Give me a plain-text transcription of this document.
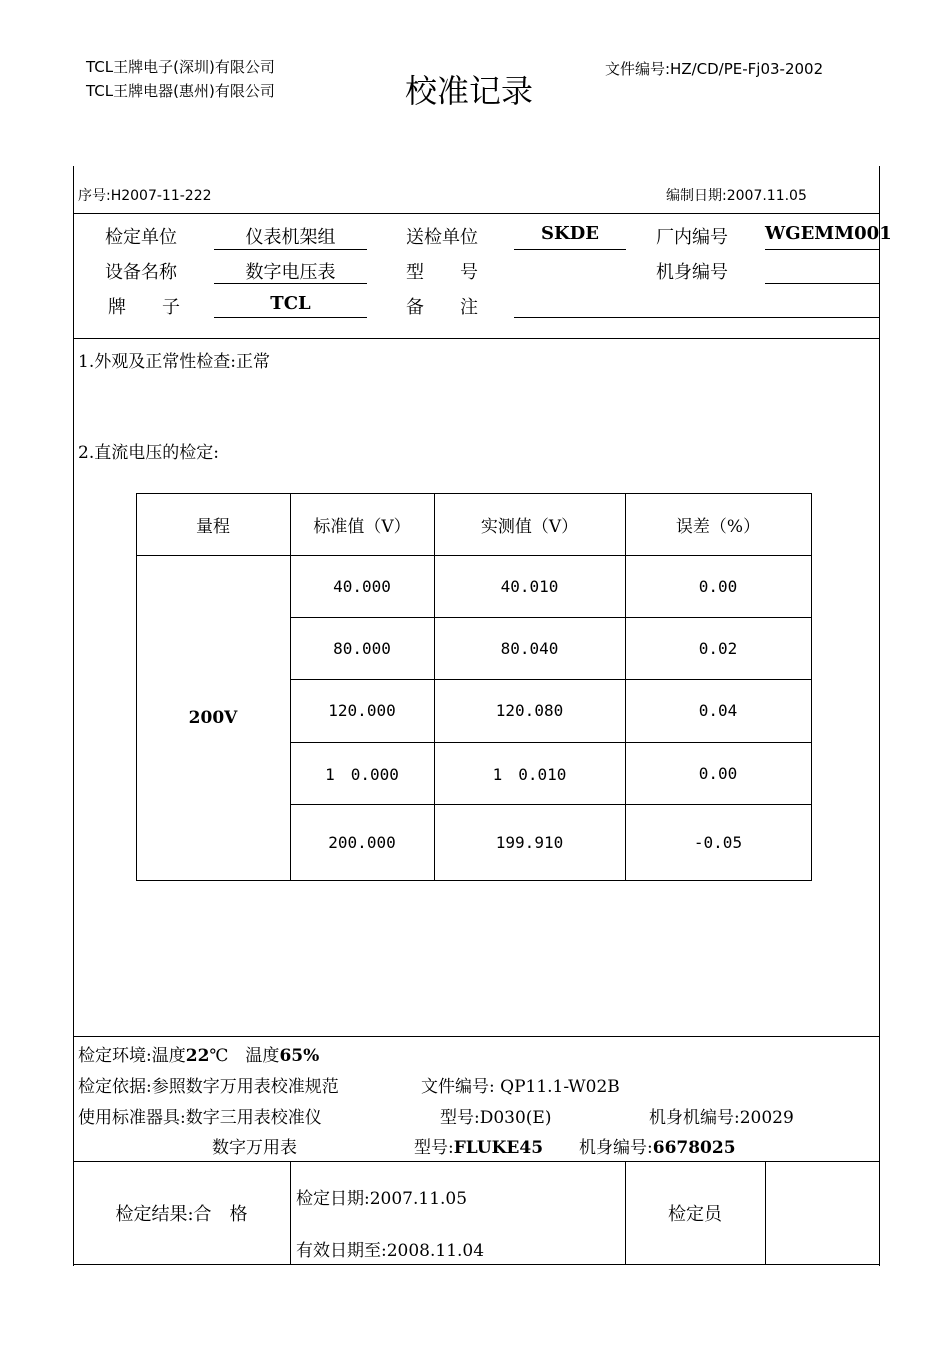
TCL王牌电子(深圳)有限公司
TCL王牌电器(惠州)有限公司	校准记录
文件编号:HZ/CD/PE-Fj03-2002
序号:H2007-11-222	编制日期:2007.11.05
检定单位	仪表机架组	送检单位	SKDE	厂内编号 WGEMM001
设备名称	数字电压表	型　　号	机身编号
牌　　子	TCL	备　　注
1.外观及正常性检查:正常
2.直流电压的检定:
量程	标准值（V）	实测值（V）	误差（%）
200V
40.000	40.010	0.00
80.000	80.040	0.02
120.000	120.080	0.04
1　0.000	1　0.010	0.00
200.000	199.910	-0.05
检定环境:温度22℃　温度65%
检定依据:参照数字万用表校准规范	文件编号: QP11.1-W02B
使用标准器具:数字三用表校准仪	型号:D030(E)	机身机编号:20029
数字万用表	型号:FLUKE45 机身编号:6678025
检定结果:合　格
检定日期:2007.11.05
有效日期至:2008.11.04
检定员
